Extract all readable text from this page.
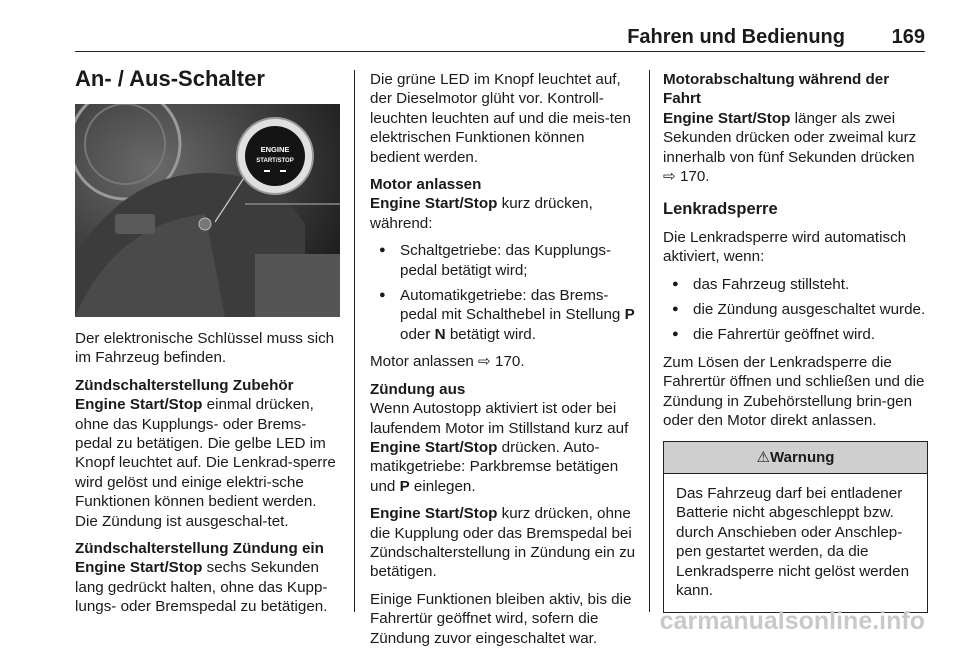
Fahren und Bedienung 169
An- / Aus-Schalter
ENGINE
START/STOP

Der elektronische Schlüssel muss sich im Fahrzeug befinden.

Zündschalterstellung Zubehör

Engine Start/Stop einmal drücken, ohne das Kupplungs- oder Brems-pedal zu betätigen. Die gelbe LED im Knopf leuchtet auf. Die Lenkrad-sperre wird gelöst und einige elektri-sche Funktionen können bedient werden. Die Zündung ist ausgeschal-tet.

Zündschalterstellung Zündung ein

Engine Start/Stop sechs Sekunden lang gedrückt halten, ohne das Kupp-lungs- oder Bremspedal zu betätigen.

Die grüne LED im Knopf leuchtet auf, der Dieselmotor glüht vor. Kontroll-leuchten leuchten auf und die meis-ten elektrischen Funktionen können bedient werden.

Motor anlassen

Engine Start/Stop kurz drücken, während:

● Schaltgetriebe: das Kupplungs-pedal betätigt wird;
● Automatikgetriebe: das Brems-pedal mit Schalthebel in Stellung P oder N betätigt wird.

Motor anlassen ⇨ 170.

Zündung aus

Wenn Autostopp aktiviert ist oder bei laufendem Motor im Stillstand kurz auf Engine Start/Stop drücken. Auto-matikgetriebe: Parkbremse betätigen und P einlegen.

Engine Start/Stop kurz drücken, ohne die Kupplung oder das Bremspedal bei Zündschalterstellung in Zündung ein zu betätigen.

Einige Funktionen bleiben aktiv, bis die Fahrertür geöffnet wird, sofern die Zündung zuvor eingeschaltet war.

Motorabschaltung während der Fahrt

Engine Start/Stop länger als zwei Sekunden drücken oder zweimal kurz innerhalb von fünf Sekunden drücken ⇨ 170.

Lenkradsperre

Die Lenkradsperre wird automatisch aktiviert, wenn:

● das Fahrzeug stillsteht.
● die Zündung ausgeschaltet wurde.
● die Fahrertür geöffnet wird.

Zum Lösen der Lenkradsperre die Fahrertür öffnen und schließen und die Zündung in Zubehörstellung brin-gen oder den Motor direkt anlassen.

⚠Warnung
Das Fahrzeug darf bei entladener Batterie nicht abgeschleppt bzw. durch Anschieben oder Anschlep-pen gestartet werden, da die Lenkradsperre nicht gelöst werden kann.
carmanualsonline.info
